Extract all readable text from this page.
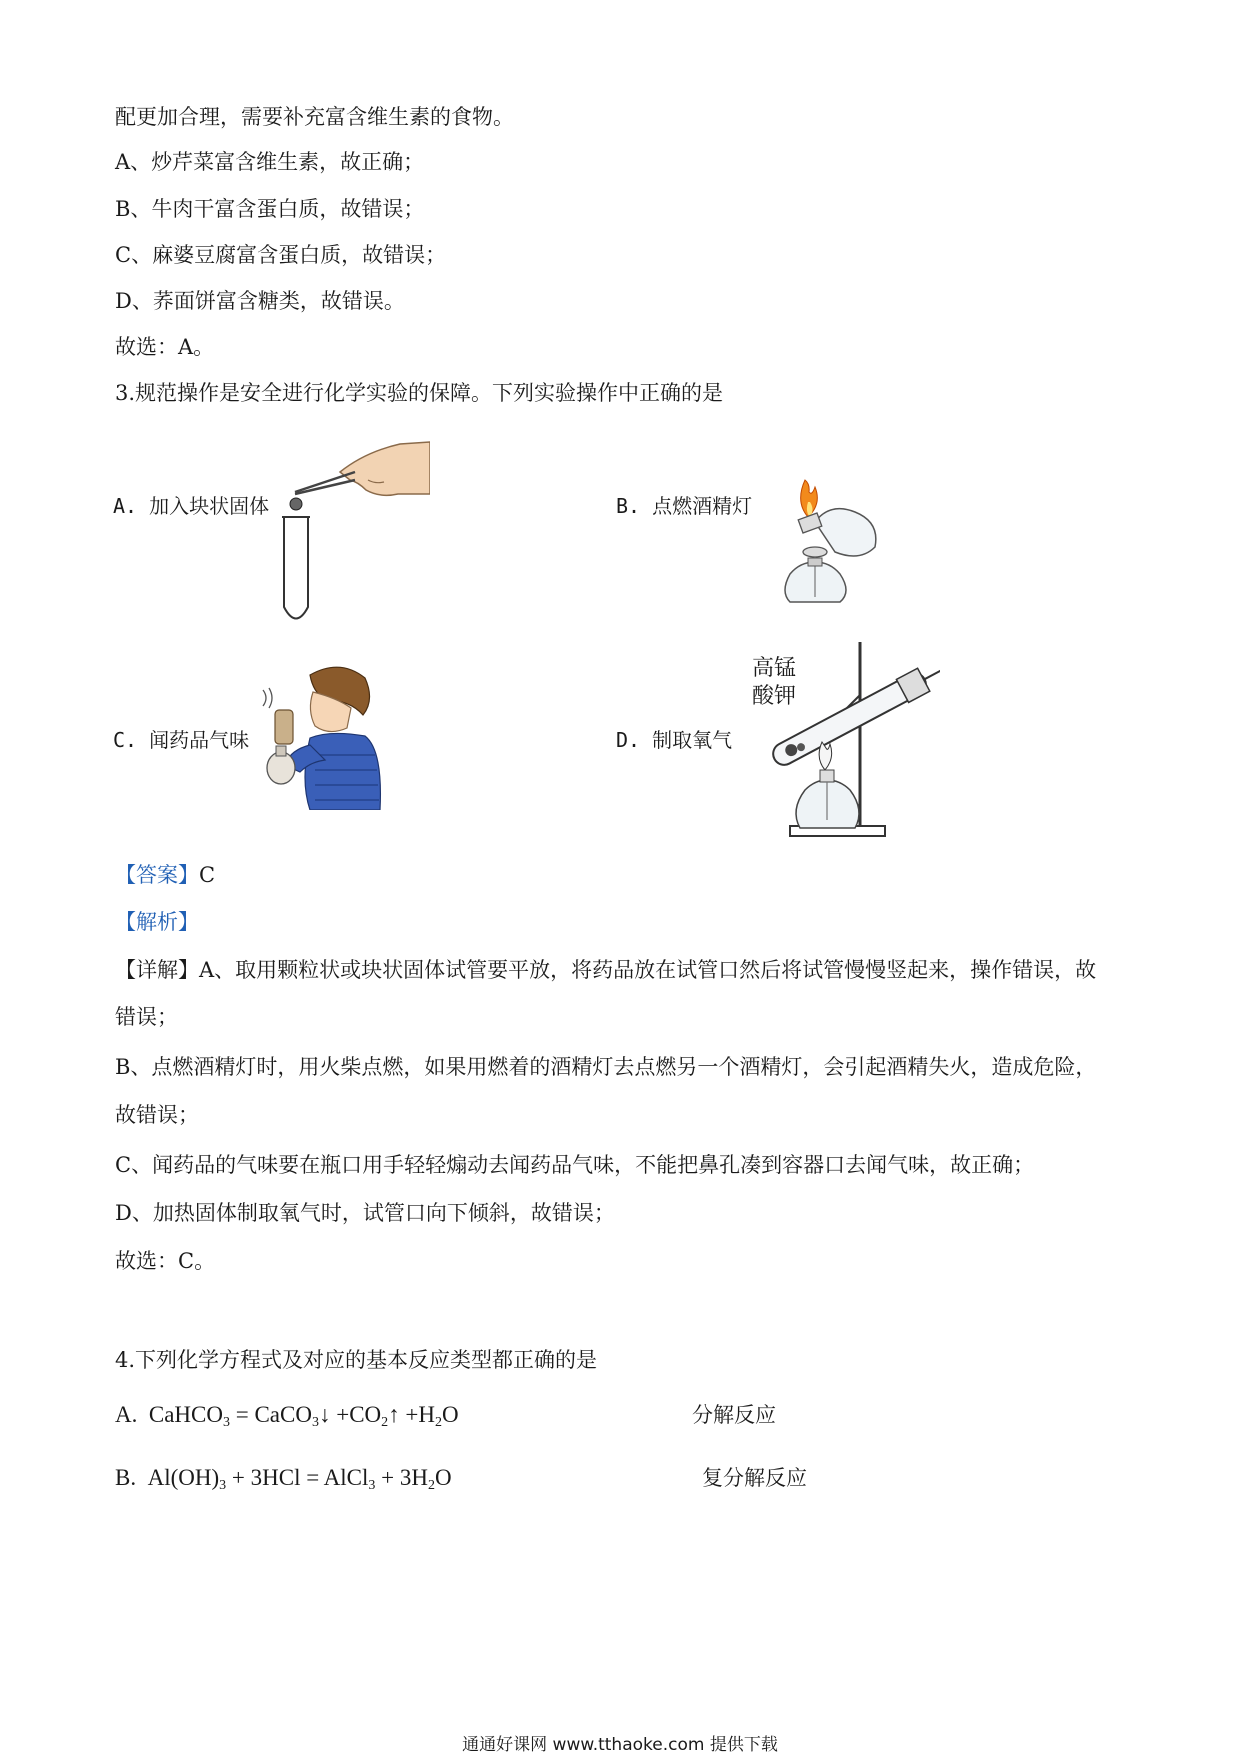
配更加合理，需要补充富含维生素的食物。
A、炒芹菜富含维生素，故正确；
B、牛肉干富含蛋白质，故错误；
C、麻婆豆腐富含蛋白质，故错误；
D、荞面饼富含糖类，故错误。
故选：A。
3.规范操作是安全进行化学实验的保障。下列实验操作中正确的是
A. 加入块状固体	B. 点燃酒精灯
C. 闻药品气味	D. 制取氧气
高锰
酸钾
【答案】C
【解析】
【详解】A、取用颗粒状或块状固体试管要平放，将药品放在试管口然后将试管慢慢竖起来，操作错误，故
错误；
B、点燃酒精灯时，用火柴点燃，如果用燃着的酒精灯去点燃另一个酒精灯，会引起酒精失火，造成危险，
故错误；
C、闻药品的气味要在瓶口用手轻轻煽动去闻药品气味，不能把鼻孔凑到容器口去闻气味，故正确；
D、加热固体制取氧气时，试管口向下倾斜，故错误；
故选：C。
4.下列化学方程式及对应的基本反应类型都正确的是
A.  CaHCO$_3$ = CaCO$_3$↓ $+CO_2↑ +H_2O$	分解反应
B.  $Al(OH)_3 + 3HCl$ = AlCl$_3$ + $3H_2O$	复分解反应
通通好课网 www.tthaoke.com 提供下载
